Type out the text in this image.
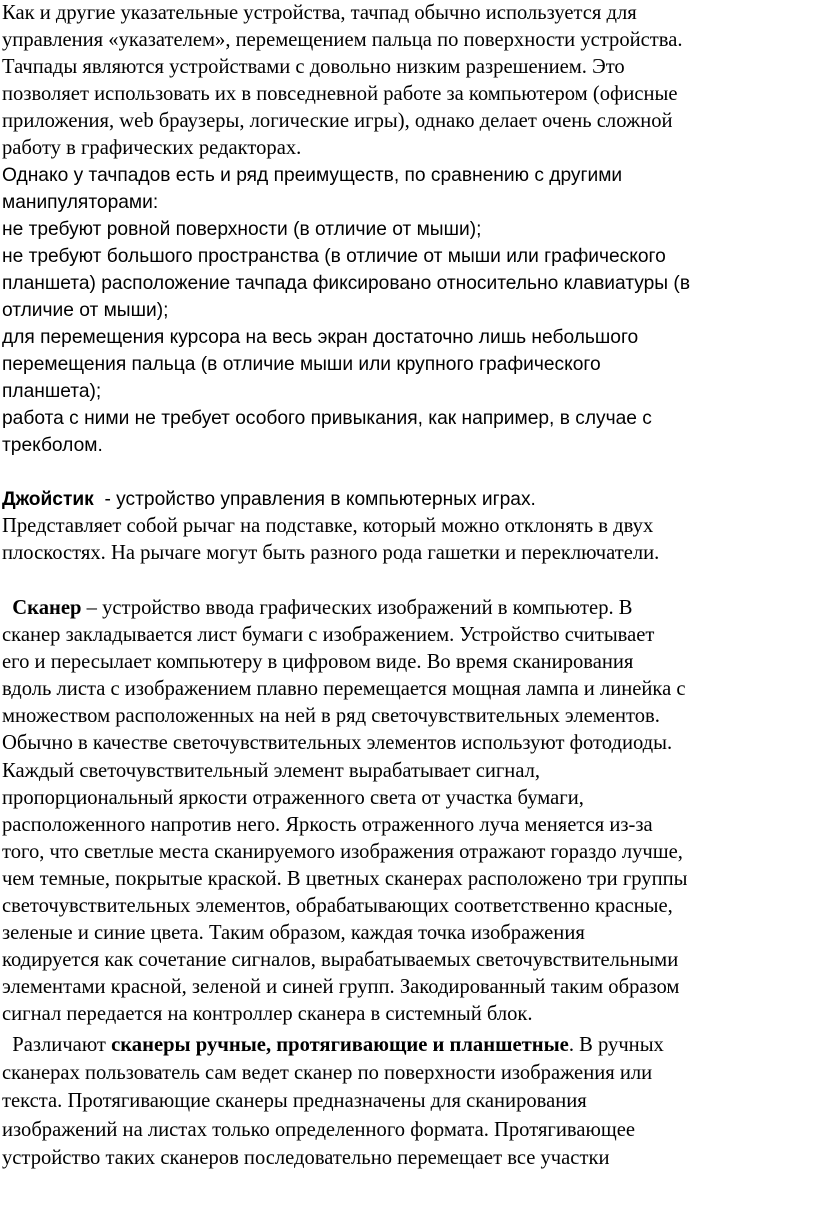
Как и другие указательные устройства, тачпад обычно используется для
управления «указателем», перемещением пальца по поверхности устройства.
Тачпады являются устройствами с довольно низким разрешением. Это
позволяет использовать их в повседневной работе за компьютером (офисные
приложения, web браузеры, логические игры), однако делает очень сложной
работу в графических редакторах.
Однако у тачпадов есть и ряд преимуществ, по сравнению с другими
манипуляторами:
не требуют ровной поверхности (в отличие от мыши);
не требуют большого пространства (в отличие от мыши или графического
планшета) расположение тачпада фиксировано относительно клавиатуры (в
отличие от мыши);
для перемещения курсора на весь экран достаточно лишь небольшого
перемещения пальца (в отличие мыши или крупного графического
планшета);
работа с ними не требует особого привыкания, как например, в случае с
трекболом.
Джойстик  - устройство управления в компьютерных играх.
Представляет собой рычаг на подставке, который можно отклонять в двух
плоскостях. На рычаге могут быть разного рода гашетки и переключатели.
Сканер – устройство ввода графических изображений в компьютер. В
сканер закладывается лист бумаги с изображением. Устройство считывает
его и пересылает компьютеру в цифровом виде. Во время сканирования
вдоль листа с изображением плавно перемещается мощная лампа и линейка с
множеством расположенных на ней в ряд светочувствительных элементов.
Обычно в качестве светочувствительных элементов используют фотодиоды.
Каждый светочувствительный элемент вырабатывает сигнал,
пропорциональный яркости отраженного света от участка бумаги,
расположенного напротив него. Яркость отраженного луча меняется из-за
того, что светлые места сканируемого изображения отражают гораздо лучше,
чем темные, покрытые краской. В цветных сканерах расположено три группы
светочувствительных элементов, обрабатывающих соответственно красные,
зеленые и синие цвета. Таким образом, каждая точка изображения
кодируется как сочетание сигналов, вырабатываемых светочувствительными
элементами красной, зеленой и синей групп. Закодированный таким образом
сигнал передается на контроллер сканера в системный блок.
Различают сканеры ручные, протягивающие и планшетные. В ручных
сканерах пользователь сам ведет сканер по поверхности изображения или
текста. Протягивающие сканеры предназначены для сканирования
изображений на листах только определенного формата. Протягивающее
устройство таких сканеров последовательно перемещает все участки
